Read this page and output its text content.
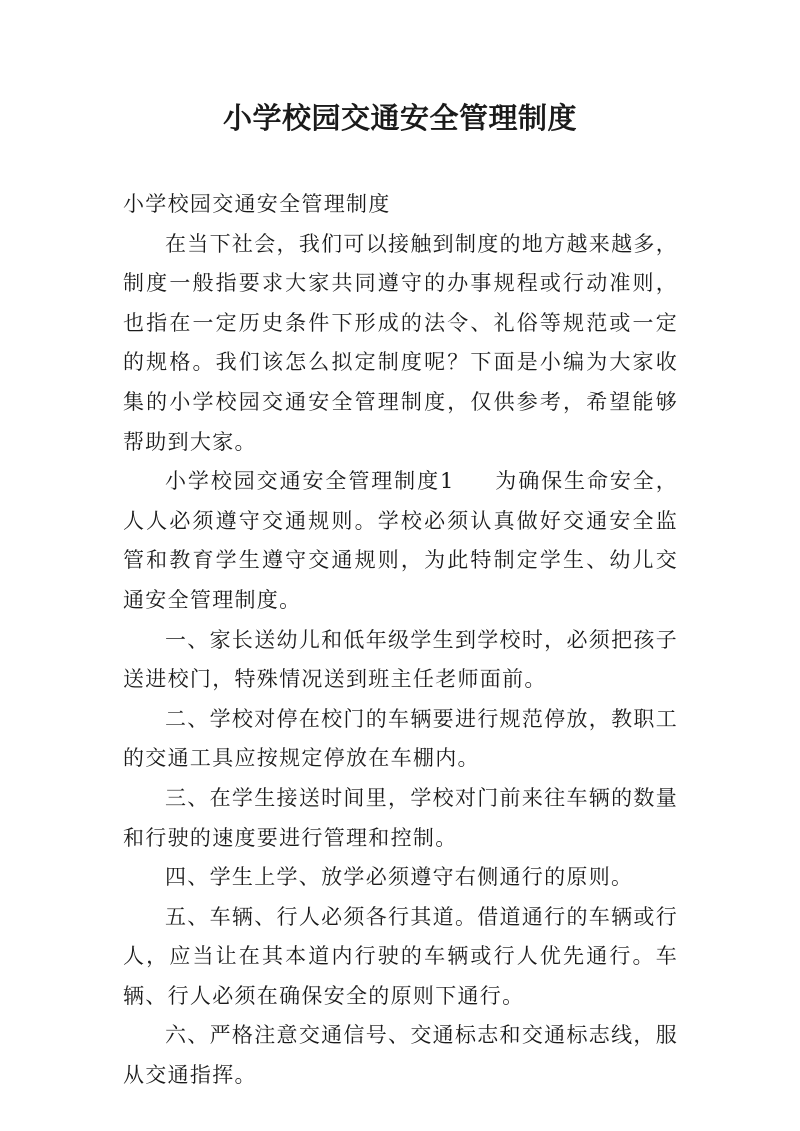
小学校园交通安全管理制度

小学校园交通安全管理制度

在当下社会，我们可以接触到制度的地方越来越多，制度一般指要求大家共同遵守的办事规程或行动准则，也指在一定历史条件下形成的法令、礼俗等规范或一定的规格。我们该怎么拟定制度呢？下面是小编为大家收集的小学校园交通安全管理制度，仅供参考，希望能够帮助到大家。

小学校园交通安全管理制度1 为确保生命安全，人人必须遵守交通规则。学校必须认真做好交通安全监管和教育学生遵守交通规则，为此特制定学生、幼儿交通安全管理制度。

一、家长送幼儿和低年级学生到学校时，必须把孩子送进校门，特殊情况送到班主任老师面前。

二、学校对停在校门的车辆要进行规范停放，教职工的交通工具应按规定停放在车棚内。

三、在学生接送时间里，学校对门前来往车辆的数量和行驶的速度要进行管理和控制。

四、学生上学、放学必须遵守右侧通行的原则。

五、车辆、行人必须各行其道。借道通行的车辆或行人，应当让在其本道内行驶的车辆或行人优先通行。车辆、行人必须在确保安全的原则下通行。

六、严格注意交通信号、交通标志和交通标志线，服从交通指挥。
